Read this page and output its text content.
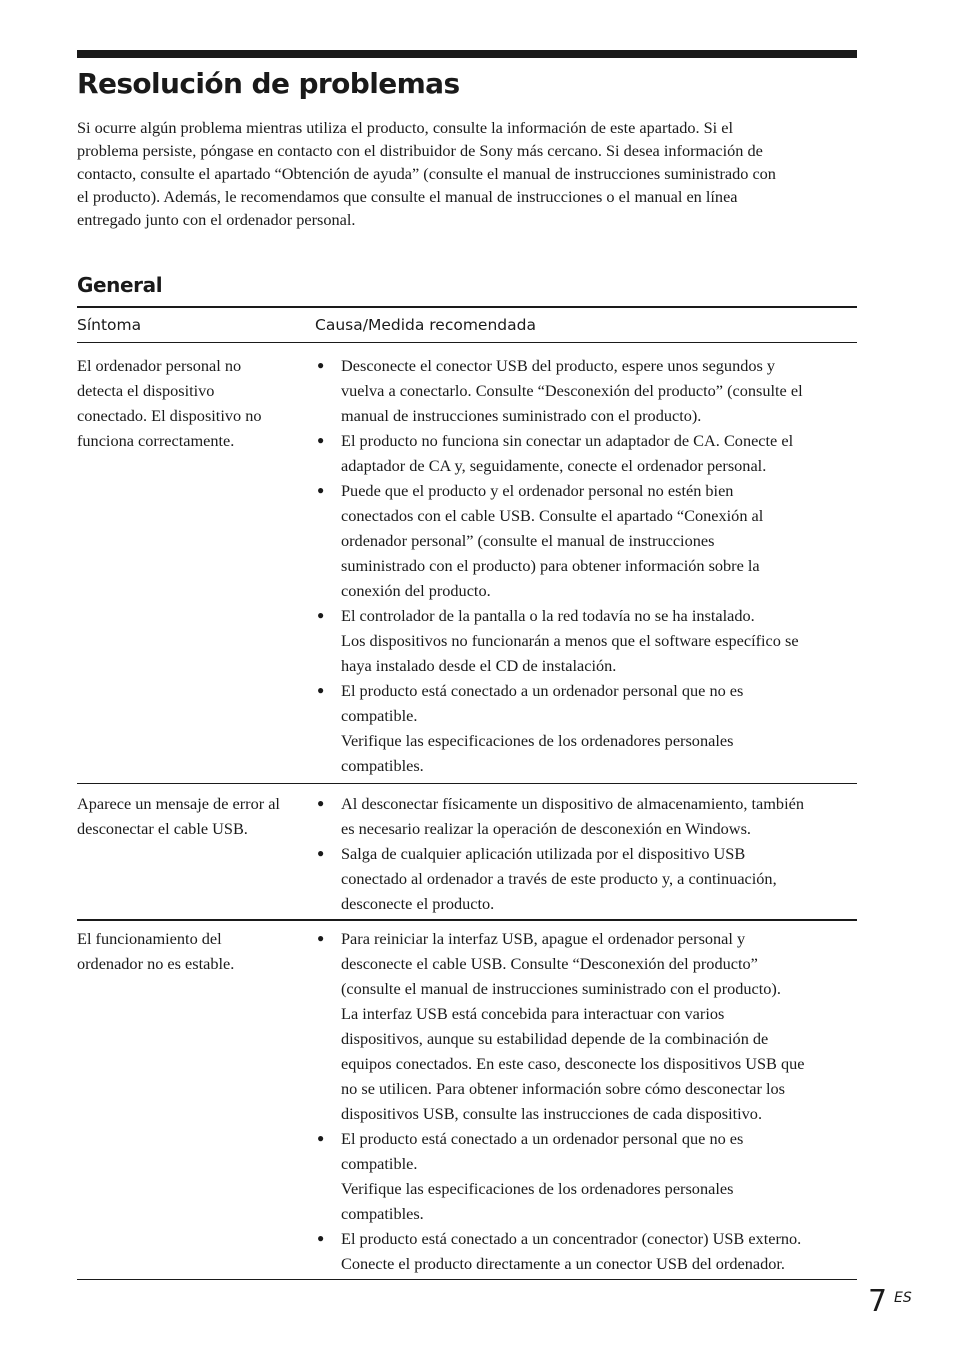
Resolución de problemas

Si ocurre algún problema mientras utiliza el producto, consulte la información de este apartado. Si el
problema persiste, póngase en contacto con el distribuidor de Sony más cercano. Si desea información de
contacto, consulte el apartado “Obtención de ayuda” (consulte el manual de instrucciones suministrado con
el producto). Además, le recomendamos que consulte el manual de instrucciones o el manual en línea
entregado junto con el ordenador personal.

General
Síntoma	Causa/Medida recomendada
El ordenador personal no
detecta el dispositivo
conectado. El dispositivo no
funciona correctamente.
● Desconecte el conector USB del producto, espere unos segundos y
vuelva a conectarlo. Consulte “Desconexión del producto” (consulte el
manual de instrucciones suministrado con el producto).
● El producto no funciona sin conectar un adaptador de CA. Conecte el
adaptador de CA y, seguidamente, conecte el ordenador personal.
● Puede que el producto y el ordenador personal no estén bien
conectados con el cable USB. Consulte el apartado “Conexión al
ordenador personal” (consulte el manual de instrucciones
suministrado con el producto) para obtener información sobre la
conexión del producto.
● El controlador de la pantalla o la red todavía no se ha instalado.
Los dispositivos no funcionarán a menos que el software específico se
haya instalado desde el CD de instalación.
● El producto está conectado a un ordenador personal que no es
compatible.
Verifique las especificaciones de los ordenadores personales
compatibles.
Aparece un mensaje de error al
desconectar el cable USB.
● Al desconectar físicamente un dispositivo de almacenamiento, también
es necesario realizar la operación de desconexión en Windows.
● Salga de cualquier aplicación utilizada por el dispositivo USB
conectado al ordenador a través de este producto y, a continuación,
desconecte el producto.
El funcionamiento del
ordenador no es estable.
● Para reiniciar la interfaz USB, apague el ordenador personal y
desconecte el cable USB. Consulte “Desconexión del producto”
(consulte el manual de instrucciones suministrado con el producto).
La interfaz USB está concebida para interactuar con varios
dispositivos, aunque su estabilidad depende de la combinación de
equipos conectados. En este caso, desconecte los dispositivos USB que
no se utilicen. Para obtener información sobre cómo desconectar los
dispositivos USB, consulte las instrucciones de cada dispositivo.
● El producto está conectado a un ordenador personal que no es
compatible.
Verifique las especificaciones de los ordenadores personales
compatibles.
● El producto está conectado a un concentrador (conector) USB externo.
Conecte el producto directamente a un conector USB del ordenador.
7 ES
